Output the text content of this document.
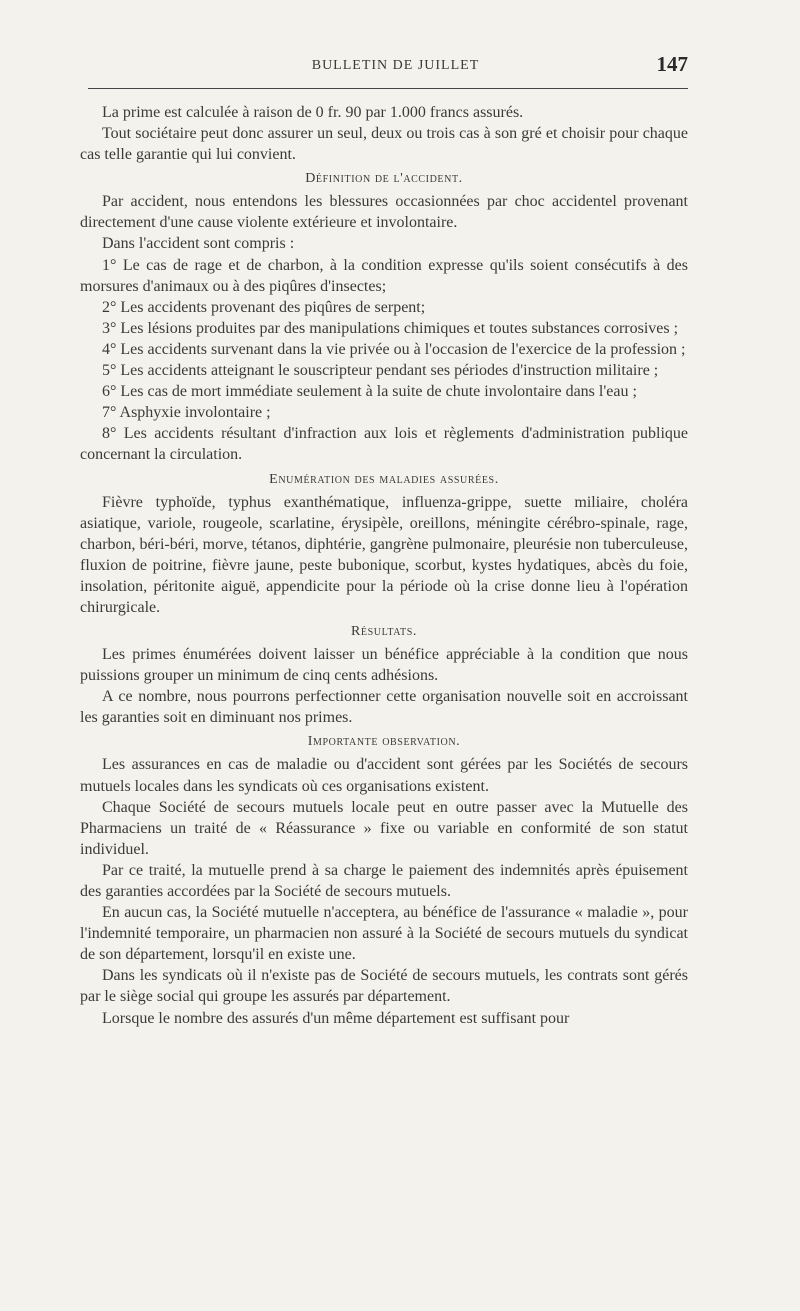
BULLETIN DE JUILLET	147

La prime est calculée à raison de 0 fr. 90 par 1.000 francs assurés.

Tout sociétaire peut donc assurer un seul, deux ou trois cas à son gré et choisir pour chaque cas telle garantie qui lui convient.

Définition de l'accident.

Par accident, nous entendons les blessures occasionnées par choc accidentel provenant directement d'une cause violente extérieure et involontaire.

Dans l'accident sont compris :

1° Le cas de rage et de charbon, à la condition expresse qu'ils soient consécutifs à des morsures d'animaux ou à des piqûres d'insectes;

2° Les accidents provenant des piqûres de serpent;

3° Les lésions produites par des manipulations chimiques et toutes substances corrosives ;

4° Les accidents survenant dans la vie privée ou à l'occasion de l'exercice de la profession ;

5° Les accidents atteignant le souscripteur pendant ses périodes d'instruction militaire ;

6° Les cas de mort immédiate seulement à la suite de chute involontaire dans l'eau ;

7° Asphyxie involontaire ;

8° Les accidents résultant d'infraction aux lois et règlements d'administration publique concernant la circulation.

Enumération des maladies assurées.

Fièvre typhoïde, typhus exanthématique, influenza-grippe, suette miliaire, choléra asiatique, variole, rougeole, scarlatine, érysipèle, oreillons, méningite cérébro-spinale, rage, charbon, béri-béri, morve, tétanos, diphtérie, gangrène pulmonaire, pleurésie non tuberculeuse, fluxion de poitrine, fièvre jaune, peste bubonique, scorbut, kystes hydatiques, abcès du foie, insolation, péritonite aiguë, appendicite pour la période où la crise donne lieu à l'opération chirurgicale.

Résultats.

Les primes énumérées doivent laisser un bénéfice appréciable à la condition que nous puissions grouper un minimum de cinq cents adhésions.

A ce nombre, nous pourrons perfectionner cette organisation nouvelle soit en accroissant les garanties soit en diminuant nos primes.

Importante observation.

Les assurances en cas de maladie ou d'accident sont gérées par les Sociétés de secours mutuels locales dans les syndicats où ces organisations existent.

Chaque Société de secours mutuels locale peut en outre passer avec la Mutuelle des Pharmaciens un traité de « Réassurance » fixe ou variable en conformité de son statut individuel.

Par ce traité, la mutuelle prend à sa charge le paiement des indemnités après épuisement des garanties accordées par la Société de secours mutuels.

En aucun cas, la Société mutuelle n'acceptera, au bénéfice de l'assurance « maladie », pour l'indemnité temporaire, un pharmacien non assuré à la Société de secours mutuels du syndicat de son département, lorsqu'il en existe une.

Dans les syndicats où il n'existe pas de Société de secours mutuels, les contrats sont gérés par le siège social qui groupe les assurés par département.

Lorsque le nombre des assurés d'un même département est suffisant pour
